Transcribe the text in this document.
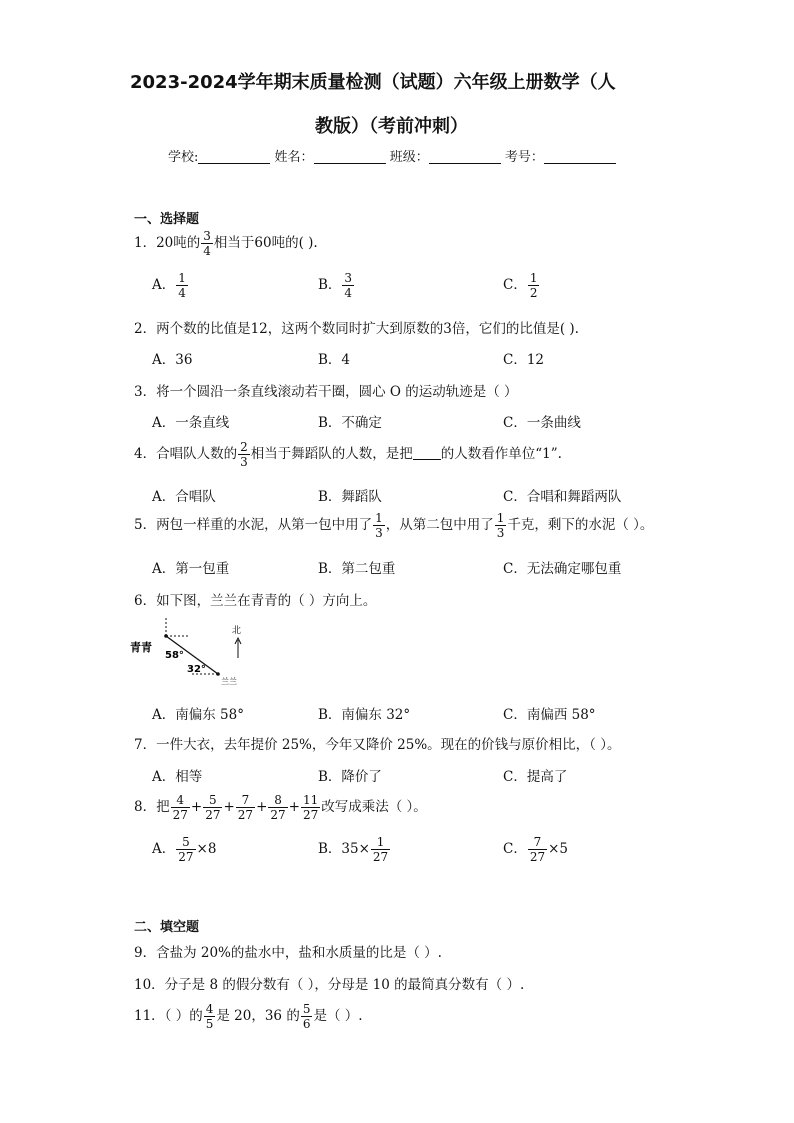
2023-2024学年期末质量检测（试题）六年级上册数学（人
教版）（考前冲刺）
学校:	姓名：	班级：	考号：
一、选择题
1．20吨的 $\frac{3}{4}$ 相当于60吨的( ).
A． $\frac{1}{4}$	B． $\frac{3}{4}$	C． $\frac{1}{2}$
2．两个数的比值是12，这两个数同时扩大到原数的3倍，它们的比值是( ).
A．36	B．4	C．12
3．将一个圆沿一条直线滚动若干圈，圆心 O 的运动轨迹是（ ）
A．一条直线	B．不确定	C．一条曲线
4．合唱队人数的 $\frac{2}{3}$ 相当于舞蹈队的人数，是把 的人数看作单位“1”.
A．合唱队	B．舞蹈队	C．合唱和舞蹈两队
5．两包一样重的水泥，从第一包中用了 $\frac{1}{3}$ ，从第二包中用了 $\frac{1}{3}$ 千克，剩下的水泥（ ）。
A．第一包重	B．第二包重	C．无法确定哪包重
6．如下图，兰兰在青青的（ ）方向上。
青青
58°
32°
兰兰
北
A．南偏东 58°	B．南偏东 32°	C．南偏西 58°
7．一件大衣，去年提价 25%，今年又降价 25%。现在的价钱与原价相比，（ ）。
A．相等	B．降价了	C．提高了
8．把 $\frac{4}{27} + \frac{5}{27} + \frac{7}{27} + \frac{8}{27} + \frac{11}{27}$ 改写成乘法（ ）。
A． $\frac{5}{27} \times 8$	B．$35\times \frac{1}{27}$	C． $\frac{7}{27} \times 5$
二、填空题
9．含盐为 20%的盐水中，盐和水质量的比是（ ）.
10．分子是 8 的假分数有（ ），分母是 10 的最简真分数有（ ）.
11．（ ）的 $\frac{4}{5}$ 是 20，36 的 $\frac{5}{6}$ 是（ ）.
